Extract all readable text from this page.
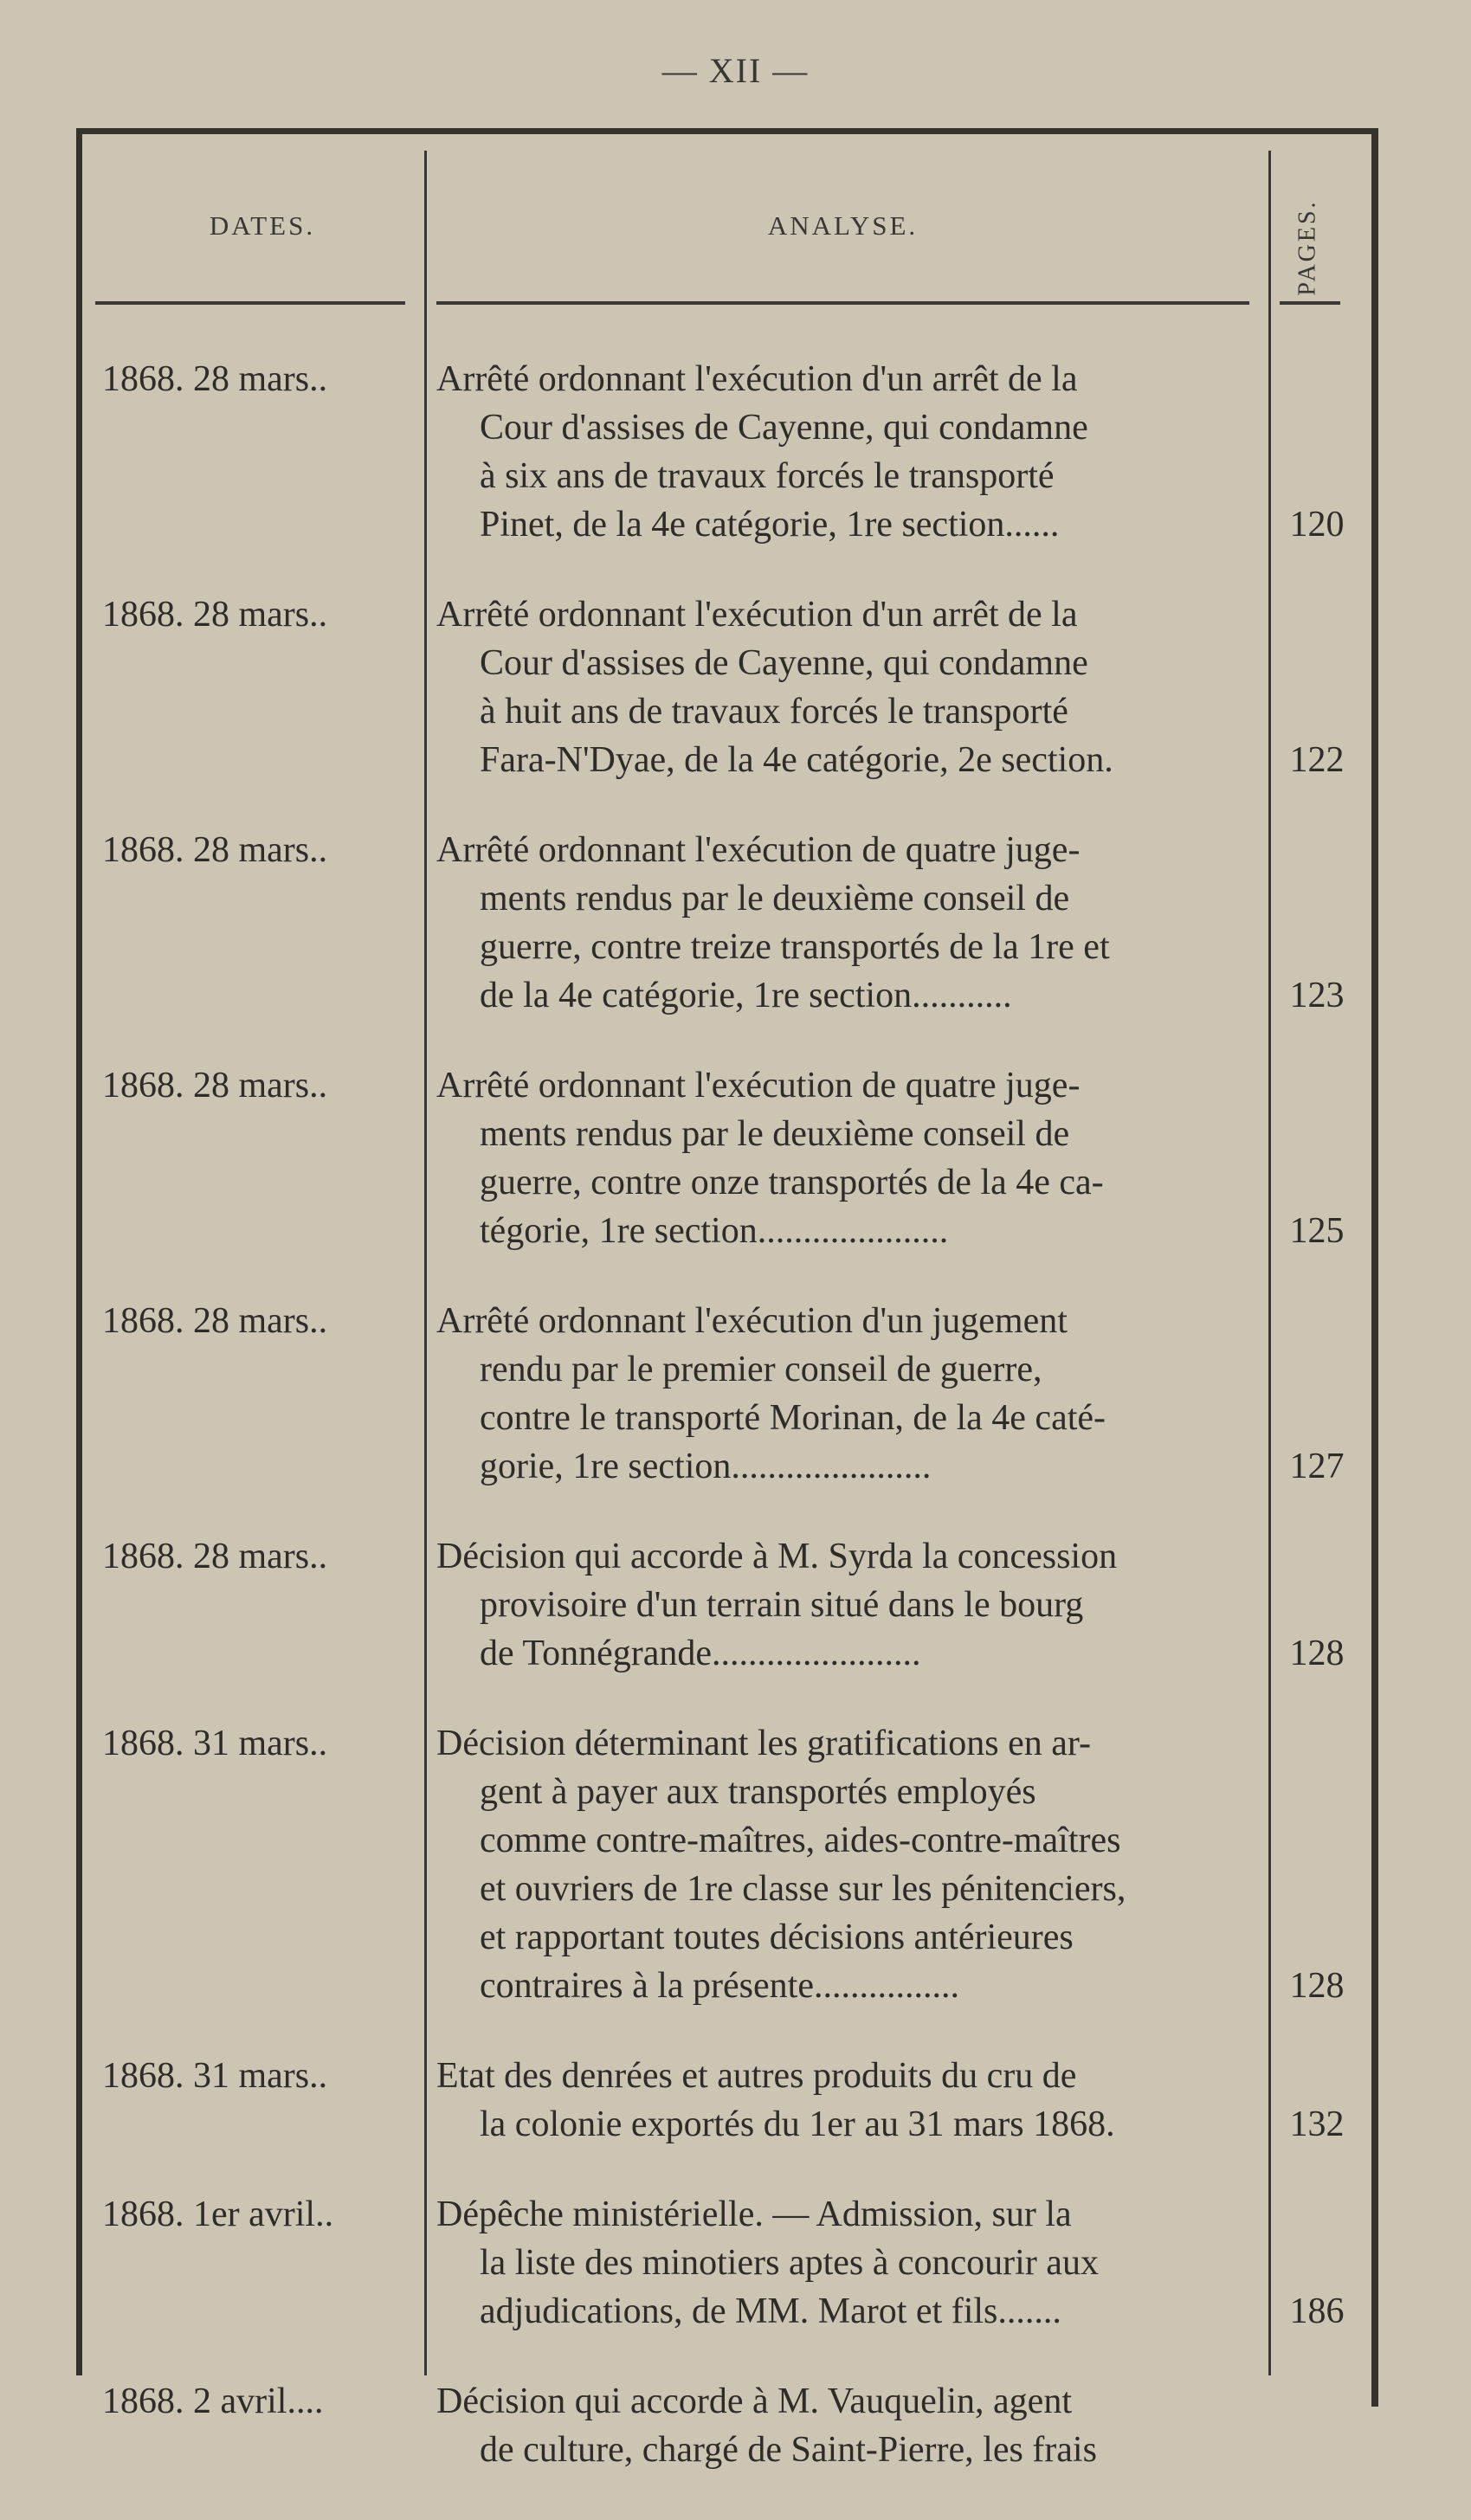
— XII —
DATES.	ANALYSE.	PAGES.
1868. 28 mars..	Arrêté ordonnant l'exécution d'un arrêt de la
Cour d'assises de Cayenne, qui condamne
à six ans de travaux forcés le transporté
Pinet, de la 4e catégorie, 1re section......	120
1868. 28 mars..	Arrêté ordonnant l'exécution d'un arrêt de la
Cour d'assises de Cayenne, qui condamne
à huit ans de travaux forcés le transporté
Fara-N'Dyae, de la 4e catégorie, 2e section.	122
1868. 28 mars..	Arrêté ordonnant l'exécution de quatre juge-
ments rendus par le deuxième conseil de
guerre, contre treize transportés de la 1re et
de la 4e catégorie, 1re section...........	123
1868. 28 mars..	Arrêté ordonnant l'exécution de quatre juge-
ments rendus par le deuxième conseil de
guerre, contre onze transportés de la 4e ca-
tégorie, 1re section.....................	125
1868. 28 mars..	Arrêté ordonnant l'exécution d'un jugement
rendu par le premier conseil de guerre,
contre le transporté Morinan, de la 4e caté-
gorie, 1re section......................	127
1868. 28 mars..	Décision qui accorde à M. Syrda la concession
provisoire d'un terrain situé dans le bourg
de Tonnégrande.......................	128
1868. 31 mars..	Décision déterminant les gratifications en ar-
gent à payer aux transportés employés
comme contre-maîtres, aides-contre-maîtres
et ouvriers de 1re classe sur les pénitenciers,
et rapportant toutes décisions antérieures
contraires à la présente................	128
1868. 31 mars..	Etat des denrées et autres produits du cru de
la colonie exportés du 1er au 31 mars 1868.	132
1868. 1er avril..	Dépêche ministérielle. — Admission, sur la
la liste des minotiers aptes à concourir aux
adjudications, de MM. Marot et fils.......	186
1868. 2 avril....	Décision qui accorde à M. Vauquelin, agent
de culture, chargé de Saint-Pierre, les frais
